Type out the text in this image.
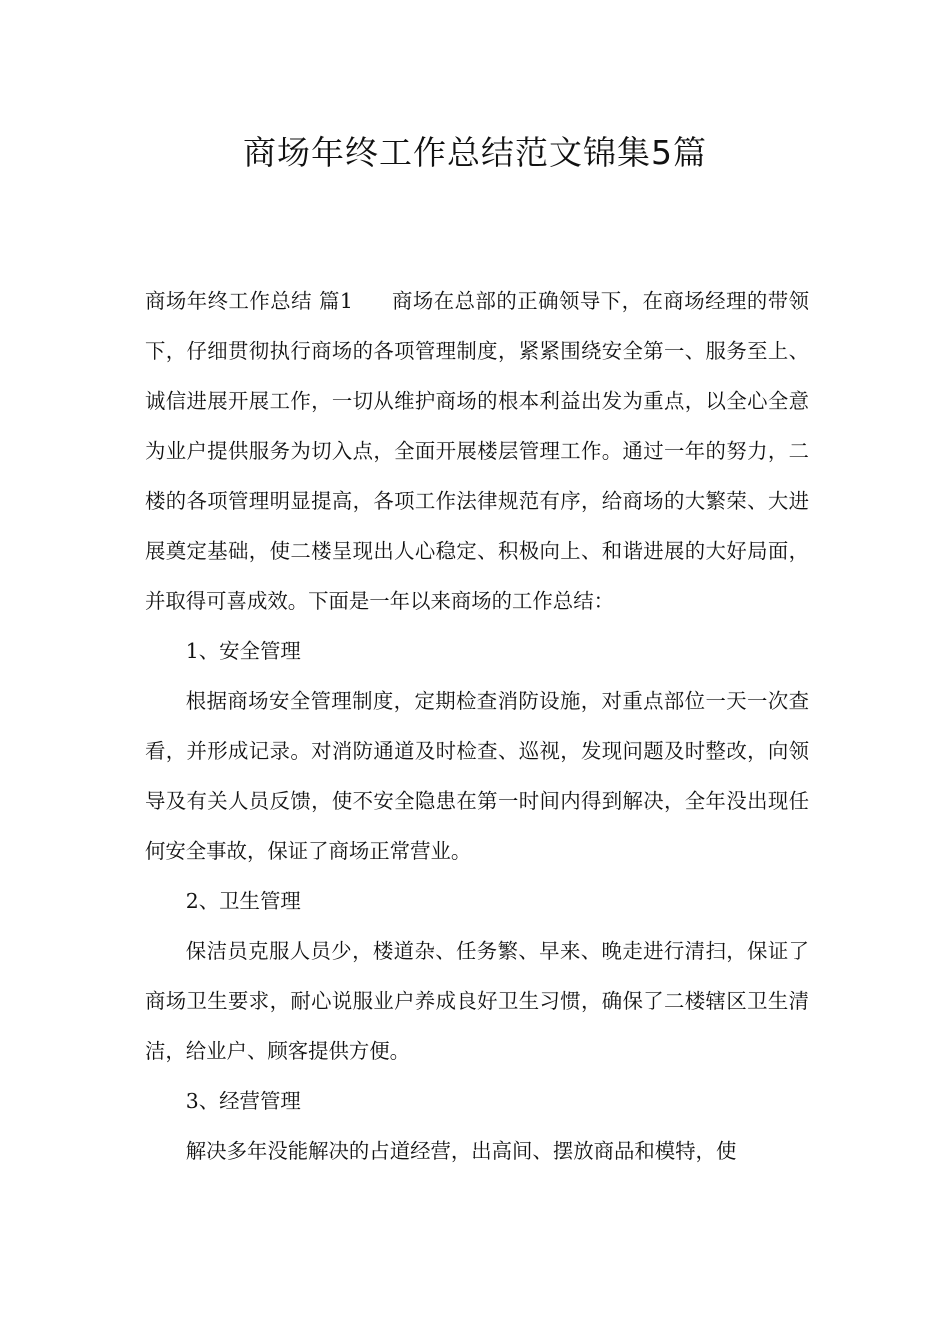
商场年终工作总结范文锦集5篇

商场年终工作总结 篇1 商场在总部的正确领导下，在商场经理的带领下，仔细贯彻执行商场的各项管理制度，紧紧围绕安全第一、服务至上、诚信进展开展工作，一切从维护商场的根本利益出发为重点，以全心全意为业户提供服务为切入点，全面开展楼层管理工作。通过一年的努力，二楼的各项管理明显提高，各项工作法律规范有序，给商场的大繁荣、大进展奠定基础，使二楼呈现出人心稳定、积极向上、和谐进展的大好局面，并取得可喜成效。下面是一年以来商场的工作总结：

1、安全管理

根据商场安全管理制度，定期检查消防设施，对重点部位一天一次查看，并形成记录。对消防通道及时检查、巡视，发现问题及时整改，向领导及有关人员反馈，使不安全隐患在第一时间内得到解决，全年没出现任何安全事故，保证了商场正常营业。

2、卫生管理

保洁员克服人员少，楼道杂、任务繁、早来、晚走进行清扫，保证了商场卫生要求，耐心说服业户养成良好卫生习惯，确保了二楼辖区卫生清洁，给业户、顾客提供方便。

3、经营管理

解决多年没能解决的占道经营，出高间、摆放商品和模特，使
